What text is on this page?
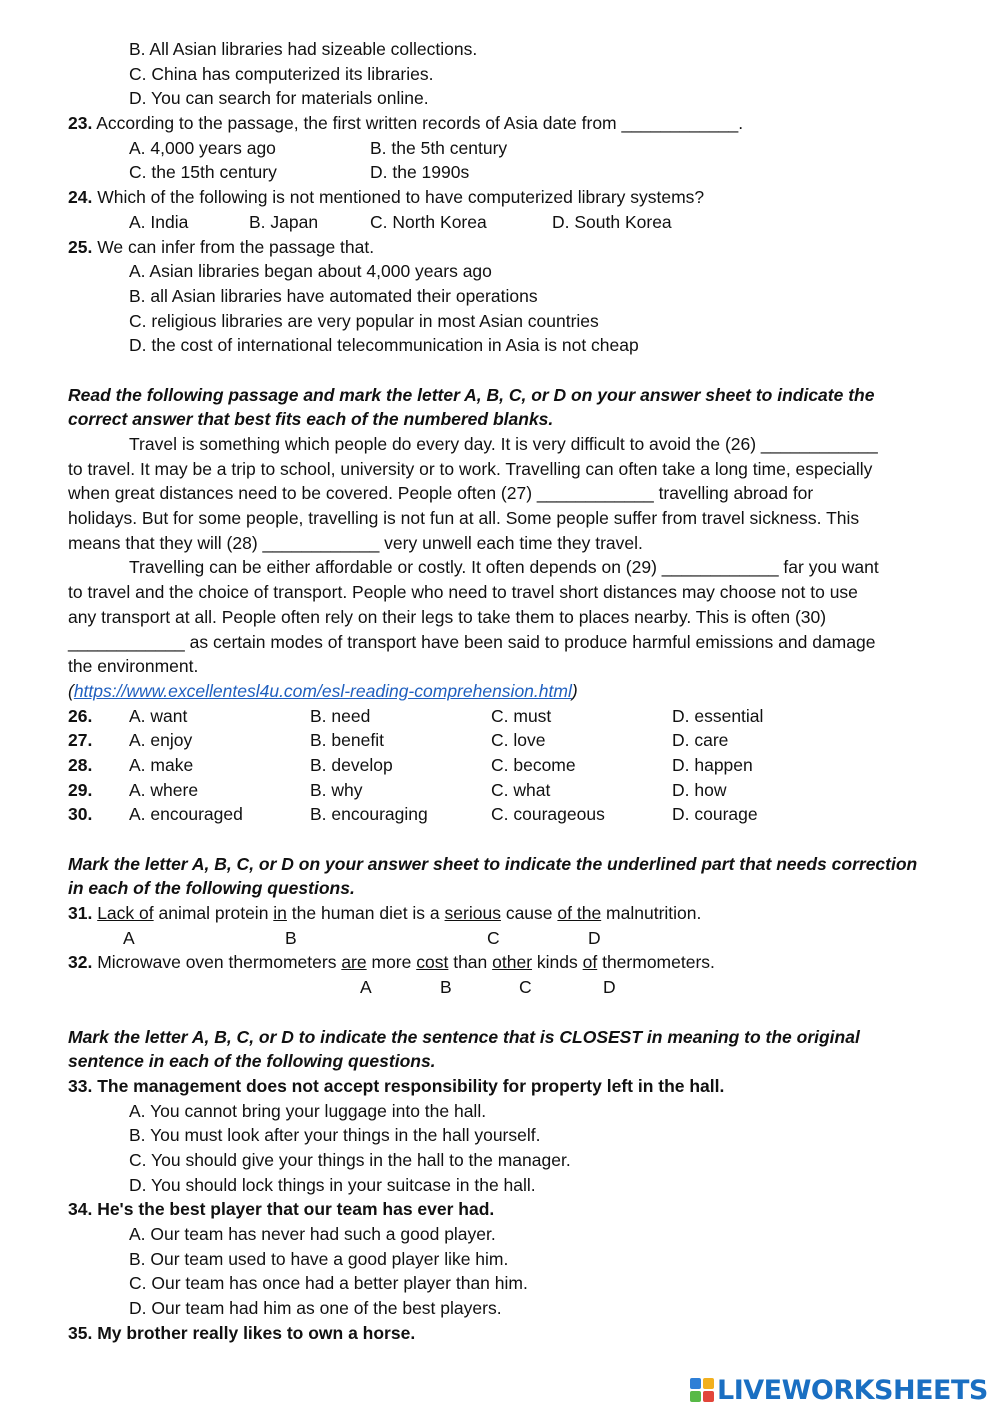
B. All Asian libraries had sizeable collections.
C. China has computerized its libraries.
D. You can search for materials online.
23. According to the passage, the first written records of Asia date from ____________.
A. 4,000 years ago	B. the 5th century
C. the 15th century	D. the 1990s
24. Which of the following is not mentioned to have computerized library systems?
A. India	B. Japan	C. North Korea	D. South Korea
25. We can infer from the passage that.
A. Asian libraries began about 4,000 years ago
B. all Asian libraries have automated their operations
C. religious libraries are very popular in most Asian countries
D. the cost of international telecommunication in Asia is not cheap
Read the following passage and mark the letter A, B, C, or D on your answer sheet to indicate the
correct answer that best fits each of the numbered blanks.
Travel is something which people do every day. It is very difficult to avoid the (26) ____________
to travel. It may be a trip to school, university or to work. Travelling can often take a long time, especially
when great distances need to be covered. People often (27) ____________ travelling abroad for
holidays. But for some people, travelling is not fun at all. Some people suffer from travel sickness. This
means that they will (28) ____________ very unwell each time they travel.
Travelling can be either affordable or costly. It often depends on (29) ____________ far you want
to travel and the choice of transport. People who need to travel short distances may choose not to use
any transport at all. People often rely on their legs to take them to places nearby. This is often (30)
____________ as certain modes of transport have been said to produce harmful emissions and damage
the environment.
(https://www.excellentesl4u.com/esl-reading-comprehension.html)
26.	A. want	B. need	C. must	D. essential
27.	A. enjoy	B. benefit	C. love	D. care
28.	A. make	B. develop	C. become	D. happen
29.	A. where	B. why	C. what	D. how
30.	A. encouraged	B. encouraging	C. courageous	D. courage
Mark the letter A, B, C, or D on your answer sheet to indicate the underlined part that needs correction
in each of the following questions.
31. Lack of animal protein in the human diet is a serious cause of the malnutrition.
A	B	C	D
32. Microwave oven thermometers are more cost than other kinds of thermometers.
A	B	C	D
Mark the letter A, B, C, or D to indicate the sentence that is CLOSEST in meaning to the original
sentence in each of the following questions.
33. The management does not accept responsibility for property left in the hall.
A. You cannot bring your luggage into the hall.
B. You must look after your things in the hall yourself.
C. You should give your things in the hall to the manager.
D. You should lock things in your suitcase in the hall.
34. He's the best player that our team has ever had.
A. Our team has never had such a good player.
B. Our team used to have a good player like him.
C. Our team has once had a better player than him.
D. Our team had him as one of the best players.
35. My brother really likes to own a horse.
LIVEWORKSHEETS
